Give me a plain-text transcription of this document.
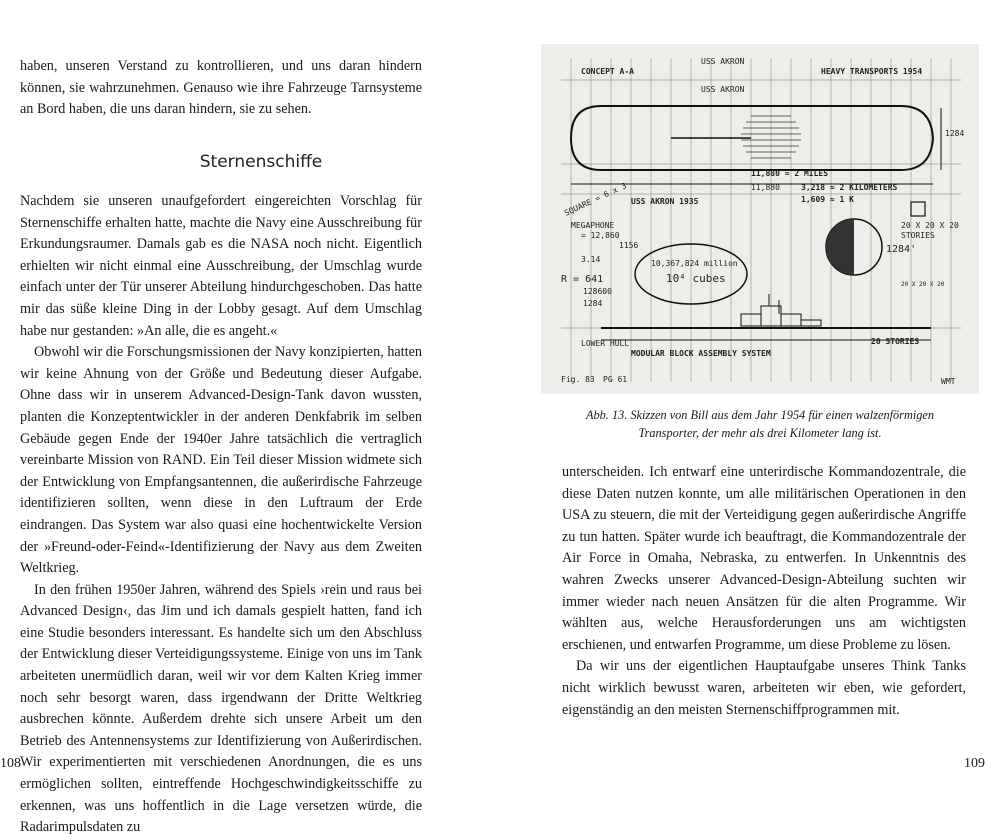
haben, unseren Verstand zu kontrollieren, und uns daran hindern können, sie wahrzunehmen. Genauso wie ihre Fahrzeuge Tarnsysteme an Bord haben, die uns daran hindern, sie zu sehen.

Sternenschiffe

Nachdem sie unseren unaufgefordert eingereichten Vorschlag für Sternenschiffe erhalten hatte, machte die Navy eine Ausschreibung für Erkundungsraumer. Damals gab es die NASA noch nicht. Eigentlich erhielten wir nicht einmal eine Ausschreibung, der Umschlag wurde einfach unter der Tür unserer Abteilung hindurchgeschoben. Das hatte mir das süße kleine Ding in der Lobby gesagt. Auf dem Umschlag habe nur gestanden: »An alle, die es angeht.«

Obwohl wir die Forschungsmissionen der Navy konzipierten, hatten wir keine Ahnung von der Größe und Bedeutung dieser Aufgabe. Ohne dass wir in unserem Advanced-Design-Tank davon wussten, planten die Konzeptentwickler in der anderen Denkfabrik im selben Gebäude gegen Ende der 1940er Jahre tatsächlich die vertraglich vereinbarte Mission von RAND. Ein Teil dieser Mission widmete sich der Entwicklung von Empfangsantennen, die außerirdische Fahrzeuge identifizieren sollten, wenn diese in den Luftraum der Erde eindrangen. Das System war also quasi eine hochentwickelte Version der »Freund-oder-Feind«-Identifizierung der Navy aus dem Zweiten Weltkrieg.

In den frühen 1950er Jahren, während des Spiels ›rein und raus bei Advanced Design‹, das Jim und ich damals gespielt hatten, fand ich eine Studie besonders interessant. Es handelte sich um den Abschluss der Entwicklung dieser Verteidigungssysteme. Einige von uns im Tank arbeiteten unermüdlich daran, weil wir vor dem Kalten Krieg immer noch sehr besorgt waren, dass irgendwann der Dritte Weltkrieg ausbrechen könnte. Außerdem drehte sich unsere Arbeit um den Betrieb des Antennensystems zur Identifizierung von Außerirdischen. Wir experimentierten mit verschiedenen Anordnungen, die es uns ermöglichen sollten, eintreffende Hochgeschwindigkeitsschiffe zu erkennen, was uns hoffentlich in die Lage versetzen würde, die Radarimpulsdaten zu

108
CONCEPT A-A
USS AKRON
USS AKRON
HEAVY TRANSPORTS 1954
1284
11,880 ≈ 2 MILES
11,880	3,218 ≈ 2 KILOMETERS
1,609 ≈ 1 K
USS AKRON 1935
SQUARE = 6 x 3
MEGAPHONE
= 12,860
R = 641
3.14
128600
1284
1156
10,367,824 million
10⁴ cubes
20 X 20 X 20
STORIES
1284'
20 X 20 X 20
LOWER HULL	20 STORIES
MODULAR BLOCK ASSEMBLY SYSTEM
Fig. 83 PG 61	WMT
Abb. 13. Skizzen von Bill aus dem Jahr 1954 für einen walzenförmigen Transporter, der mehr als drei Kilometer lang ist.

unterscheiden. Ich entwarf eine unterirdische Kommandozentrale, die diese Daten nutzen konnte, um alle militärischen Operationen in den USA zu steuern, die mit der Verteidigung gegen außerirdische Angriffe zu tun hatten. Später wurde ich beauftragt, die Kommandozentrale der Air Force in Omaha, Nebraska, zu entwerfen. In Unkenntnis des wahren Zwecks unserer Advanced-Design-Abteilung suchten wir immer wieder nach neuen Ansätzen für die alten Programme. Wir wählten aus, welche Herausforderungen uns am wichtigsten erschienen, und entwarfen Programme, um diese Probleme zu lösen.

Da wir uns der eigentlichen Hauptaufgabe unseres Think Tanks nicht wirklich bewusst waren, arbeiteten wir eben, wie gefordert, eigenständig an den meisten Sternenschiffprogrammen mit.

109
